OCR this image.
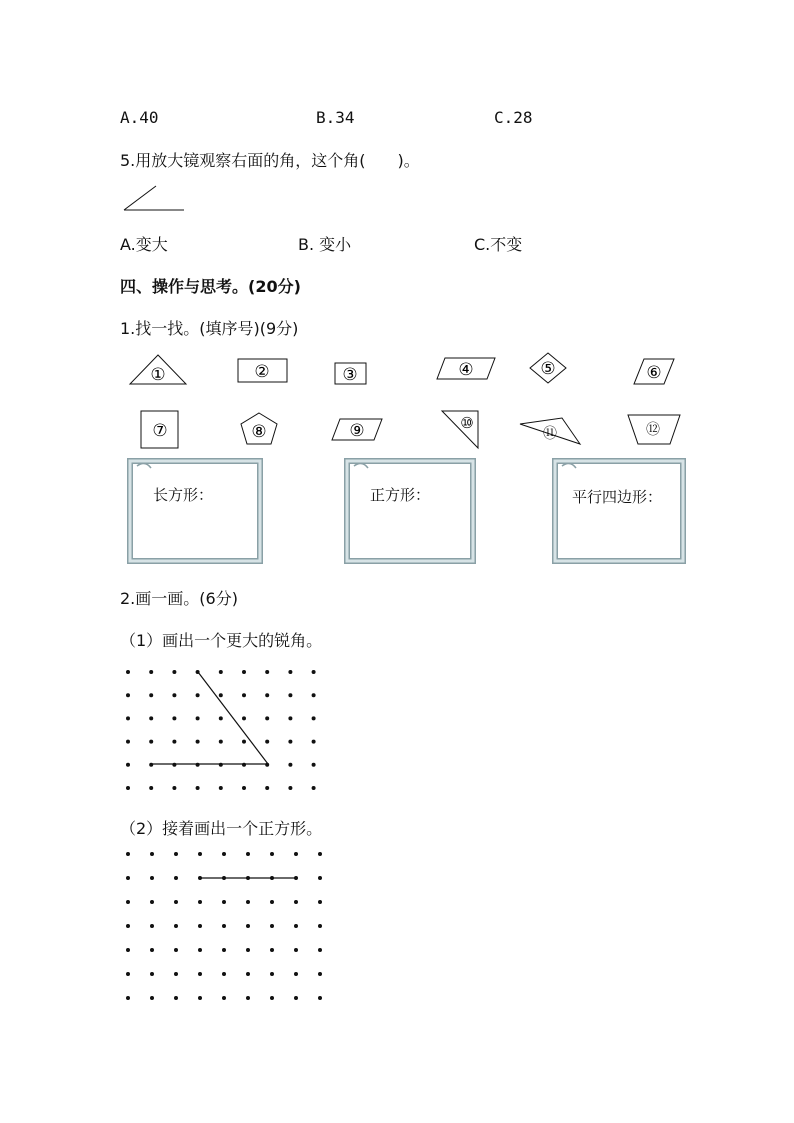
A.40	B.34	C.28
5.用放大镜观察右面的角，这个角(　　)。
A.变大	B. 变小	C.不变
四、操作与思考。(20分)
1.找一找。(填序号)(9分)
①	②	③	④	⑤	⑥
⑦	⑧	⑨	⑩
⑪	⑫
长方形：	正方形：	平行四边形：
2.画一画。(6分)
（1）画出一个更大的锐角。
（2）接着画出一个正方形。
